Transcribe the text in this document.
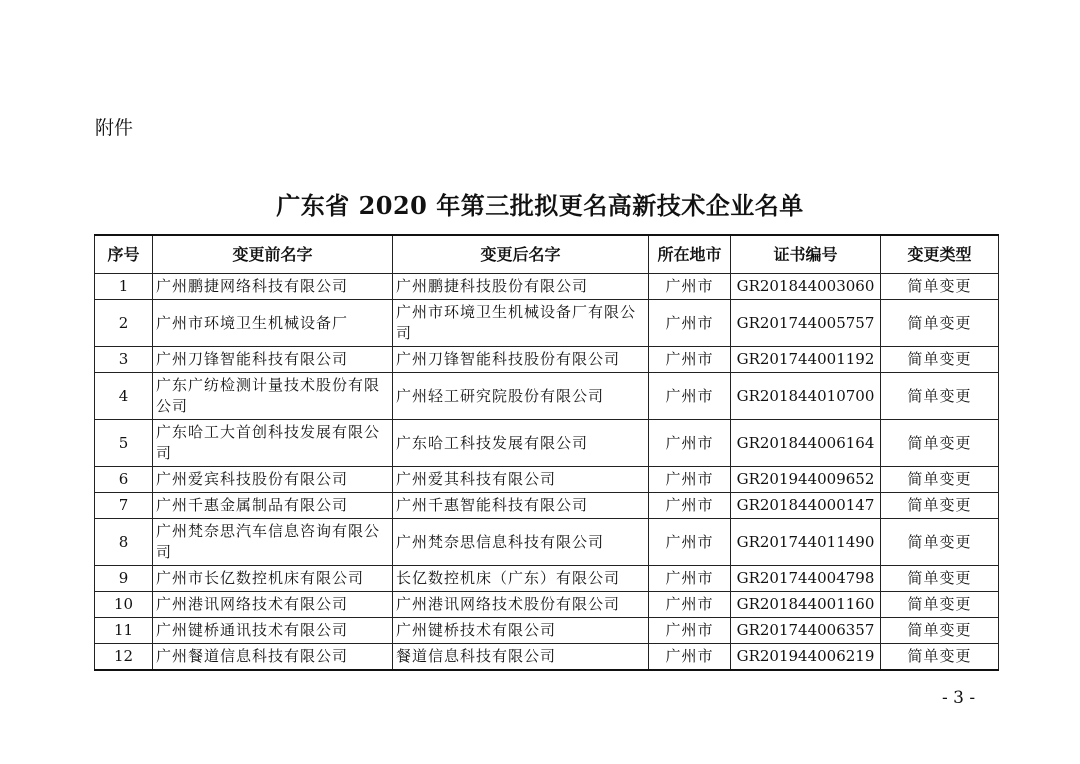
附件
广东省 2020 年第三批拟更名高新技术企业名单
序号	变更前名字	变更后名字	所在地市	证书编号	变更类型
1	广州鹏捷网络科技有限公司	广州鹏捷科技股份有限公司	广州市	GR201844003060	简单变更
2	广州市环境卫生机械设备厂	广州市环境卫生机械设备厂有限公司	广州市	GR201744005757	简单变更
3	广州刀锋智能科技有限公司	广州刀锋智能科技股份有限公司	广州市	GR201744001192	简单变更
4	广东广纺检测计量技术股份有限公司	广州轻工研究院股份有限公司	广州市	GR201844010700	简单变更
5	广东哈工大首创科技发展有限公司	广东哈工科技发展有限公司	广州市	GR201844006164	简单变更
6	广州爱宾科技股份有限公司	广州爱其科技有限公司	广州市	GR201944009652	简单变更
7	广州千惠金属制品有限公司	广州千惠智能科技有限公司	广州市	GR201844000147	简单变更
8	广州梵奈思汽车信息咨询有限公司	广州梵奈思信息科技有限公司	广州市	GR201744011490	简单变更
9	广州市长亿数控机床有限公司	长亿数控机床（广东）有限公司	广州市	GR201744004798	简单变更
10	广州港讯网络技术有限公司	广州港讯网络技术股份有限公司	广州市	GR201844001160	简单变更
11	广州键桥通讯技术有限公司	广州键桥技术有限公司	广州市	GR201744006357	简单变更
12	广州餐道信息科技有限公司	餐道信息科技有限公司	广州市	GR201944006219	简单变更
- 3 -
